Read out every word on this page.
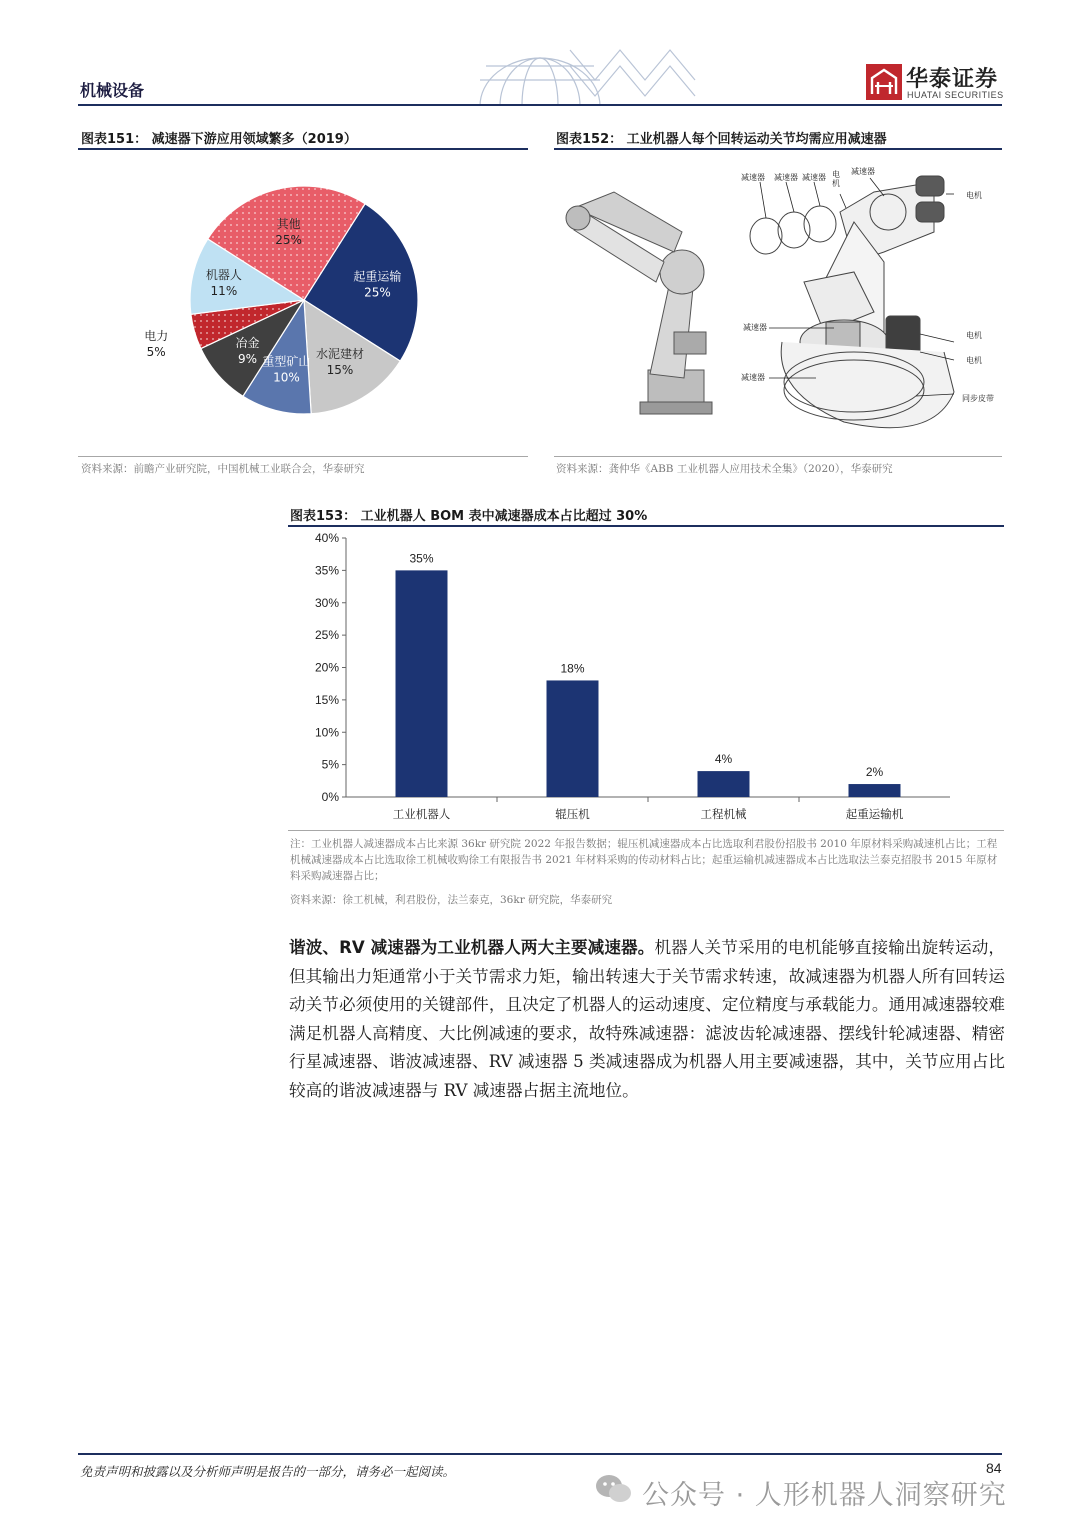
机械设备	华泰证券
HUATAI SECURITIES
图表151： 减速器下游应用领域繁多（2019）
起重运输
25%
水泥建材
15%
重型矿山
10%
冶金
9%
电力
5%
机器人
11%
其他
25%
资料来源：前瞻产业研究院，中国机械工业联合会，华泰研究
图表152： 工业机器人每个回转运动关节均需应用减速器
减速器 减速器 减速器 电机
减速器
电机
减速器
电机
电机
减速器
同步皮带
资料来源：龚仲华《ABB 工业机器人应用技术全集》（2020），华泰研究
图表153： 工业机器人 BOM 表中减速器成本占比超过 30%
0%
5%
10%
15%
20%
25%
30%
35%
40%
工业机器人	辊压机	工程机械	起重运输机
35%
18%
4%
2%
注：工业机器人减速器成本占比来源 36kr 研究院 2022 年报告数据；辊压机减速器成本占比选取利君股份招股书 2010 年原材料采购减速机占比；工程机械减速器成本占比选取徐工机械收购徐工有限报告书 2021 年材料采购的传动材料占比；起重运输机减速器成本占比选取法兰泰克招股书 2015 年原材料采购减速器占比；
资料来源：徐工机械，利君股份，法兰泰克，36kr 研究院，华泰研究
谐波、RV 减速器为工业机器人两大主要减速器。机器人关节采用的电机能够直接输出旋转运动，但其输出力矩通常小于关节需求力矩，输出转速大于关节需求转速，故减速器为机器人所有回转运动关节必须使用的关键部件，且决定了机器人的运动速度、定位精度与承载能力。通用减速器较难满足机器人高精度、大比例减速的要求，故特殊减速器：滤波齿轮减速器、摆线针轮减速器、精密行星减速器、谐波减速器、RV 减速器 5 类减速器成为机器人用主要减速器，其中，关节应用占比较高的谐波减速器与 RV 减速器占据主流地位。
免责声明和披露以及分析师声明是报告的一部分，请务必一起阅读。	84
公众号 · 人形机器人洞察研究
